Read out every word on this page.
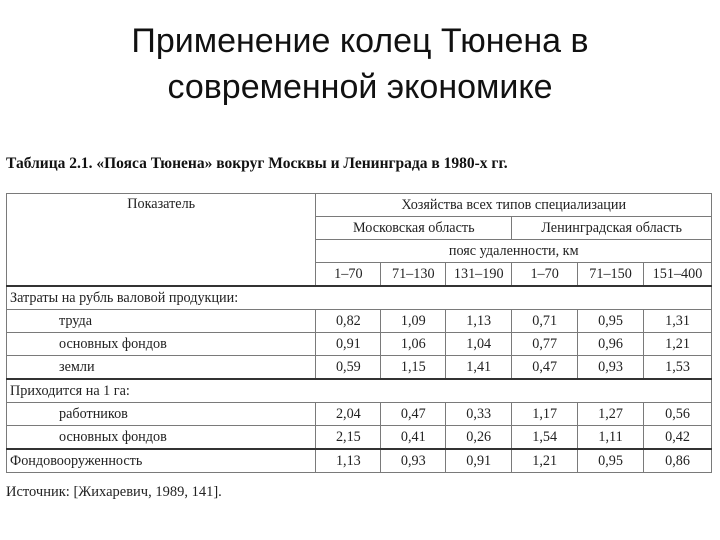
Применение колец Тюнена в
современной экономике
Таблица 2.1. «Пояса Тюнена» вокруг Москвы и Ленинграда в 1980-х гг.
Показатель	Хозяйства всех типов специализации					
	Московская область			Ленинградская область		
	пояс удаленности, км					
	1–70	71–130	131–190	1–70	71–150	151–400
Затраты на рубль валовой продукции:						
труда	0,82	1,09	1,13	0,71	0,95	1,31
основных фондов	0,91	1,06	1,04	0,77	0,96	1,21
земли	0,59	1,15	1,41	0,47	0,93	1,53
Приходится на 1 га:						
работников	2,04	0,47	0,33	1,17	1,27	0,56
основных фондов	2,15	0,41	0,26	1,54	1,11	0,42
Фондовооруженность	1,13	0,93	0,91	1,21	0,95	0,86
Источник: [Жихаревич, 1989, 141].
